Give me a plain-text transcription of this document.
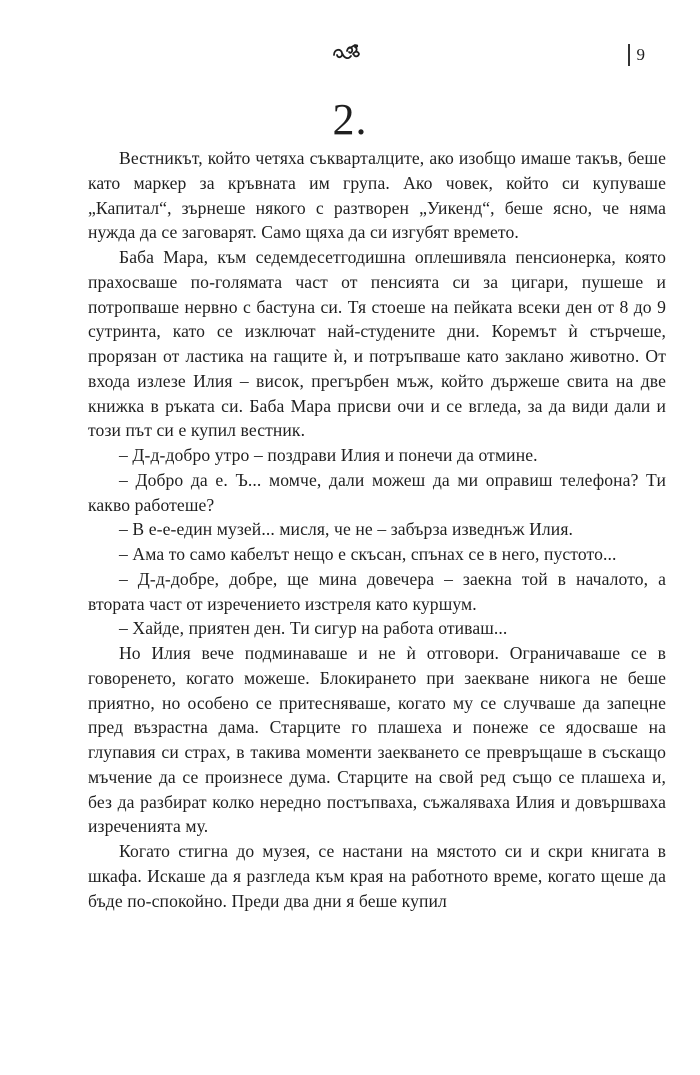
9
2.

Вестникът, който четяха съкварталците, ако изобщо имаше такъв, беше като маркер за кръвната им група. Ако човек, който си купуваше „Капитал“, зърнеше някого с разтворен „Уикенд“, беше ясно, че няма нужда да се заговарят. Само щяха да си изгубят времето.

Баба Мара, към седемдесетгодишна оплешивяла пенсионерка, която прахосваше по-голямата част от пенсията си за цигари, пушеше и потропваше нервно с бастуна си. Тя стоеше на пейката всеки ден от 8 до 9 сутринта, като се изключат най-студените дни. Коремът ѝ стърчеше, прорязан от ластика на гащите ѝ, и потръпваше като заклано животно. От входа излезе Илия – висок, прегърбен мъж, който държеше свита на две книжка в ръката си. Баба Мара присви очи и се вгледа, за да види дали и този път си е купил вестник.

– Д-д-добро утро – поздрави Илия и понечи да отмине.

– Добро да е. Ъ... момче, дали можеш да ми оправиш телефона? Ти какво работеше?

– В е-е-един музей... мисля, че не – забърза изведнъж Илия.

– Ама то само кабелът нещо е скъсан, спънах се в него, пустото...

– Д-д-добре, добре, ще мина довечера – заекна той в началото, а втората част от изречението изстреля като куршум.

– Хайде, приятен ден. Ти сигур на работа отиваш...

Но Илия вече подминаваше и не ѝ отговори. Ограничаваше се в говоренето, когато можеше. Блокирането при заекване никога не беше приятно, но особено се притесняваше, когато му се случваше да запецне пред възрастна дама. Старците го плашеха и понеже се ядосваше на глупавия си страх, в такива моменти заекването се превръщаше в съскащо мъчение да се произнесе дума. Старците на свой ред също се плашеха и, без да разбират колко нередно постъпваха, съжаляваха Илия и довършваха изреченията му.

Когато стигна до музея, се настани на мястото си и скри книгата в шкафа. Искаше да я разгледа към края на работното време, когато щеше да бъде по-спокойно. Преди два дни я беше купил
